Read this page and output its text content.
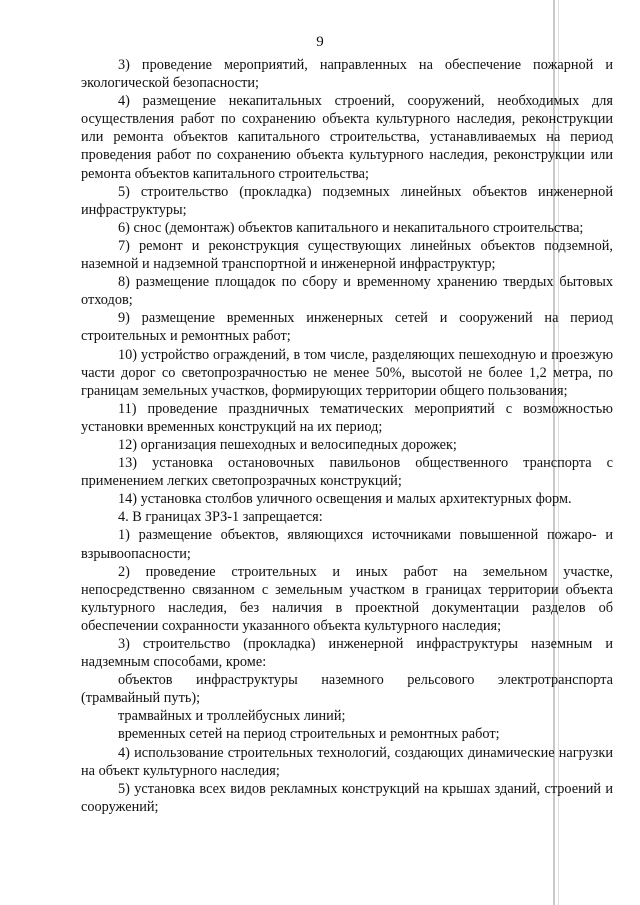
9

3) проведение мероприятий, направленных на обеспечение пожарной и экологической безопасности;

4) размещение некапитальных строений, сооружений, необходимых для осуществления работ по сохранению объекта культурного наследия, реконструкции или ремонта объектов капитального строительства, устанавливаемых на период проведения работ по сохранению объекта культурного наследия, реконструкции или ремонта объектов капитального строительства;

5) строительство (прокладка) подземных линейных объектов инженерной инфраструктуры;

6) снос (демонтаж) объектов капитального и некапитального строительства;

7) ремонт и реконструкция существующих линейных объектов подземной, наземной и надземной транспортной и инженерной инфраструктур;

8) размещение площадок по сбору и временному хранению твердых бытовых отходов;

9) размещение временных инженерных сетей и сооружений на период строительных и ремонтных работ;

10) устройство ограждений, в том числе, разделяющих пешеходную и проезжую части дорог со светопрозрачностью не менее 50%, высотой не более 1,2 метра, по границам земельных участков, формирующих территории общего пользования;

11) проведение праздничных тематических мероприятий с возможностью установки временных конструкций на их период;

12) организация пешеходных и велосипедных дорожек;

13) установка остановочных павильонов общественного транспорта с применением легких светопрозрачных конструкций;

14) установка столбов уличного освещения и малых архитектурных форм.

4. В границах ЗРЗ-1 запрещается:

1) размещение объектов, являющихся источниками повышенной пожаро- и взрывоопасности;

2) проведение строительных и иных работ на земельном участке, непосредственно связанном с земельным участком в границах территории объекта культурного наследия, без наличия в проектной документации разделов об обеспечении сохранности указанного объекта культурного наследия;

3) строительство (прокладка) инженерной инфраструктуры наземным и надземным способами, кроме:

объектов инфраструктуры наземного рельсового электротранспорта (трамвайный путь);

трамвайных и троллейбусных линий;

временных сетей на период строительных и ремонтных работ;

4) использование строительных технологий, создающих динамические нагрузки на объект культурного наследия;

5) установка всех видов рекламных конструкций на крышах зданий, строений и сооружений;
